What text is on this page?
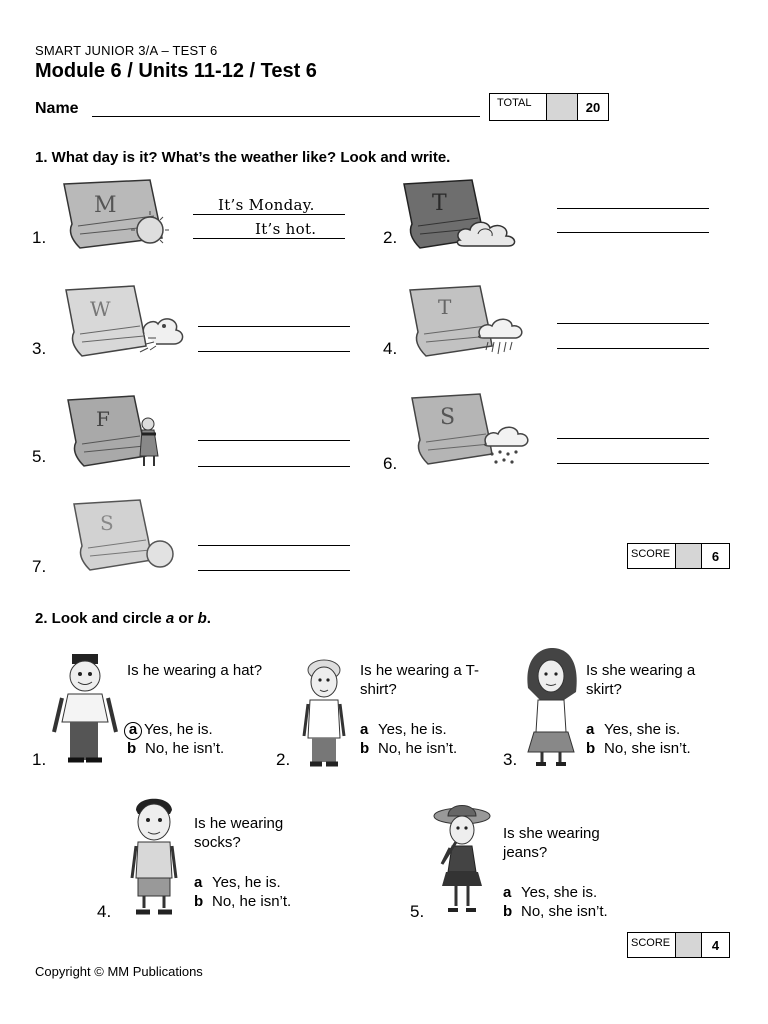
SMART JUNIOR 3/A – TEST 6
Module 6 / Units 11-12 / Test 6
Name	TOTAL	20
1. What day is it? What’s the weather like? Look and write.
1.
M	It’s Monday.
It’s hot.	2.
T
3.
W
4.
T
5.
F
6.
S
7.
S
SCORE	6
2. Look and circle a or b.
1.
Is he wearing a hat?
a Yes, he is.
b No, he isn’t.
2.
Is he wearing a T-shirt?
a Yes, he is.
b No, he isn’t.
3.
Is she wearing a skirt?
a Yes, she is.
b No, she isn’t.
4.
Is he wearing socks?
a Yes, he is.
b No, he isn’t.
5.
Is she wearing jeans?
a Yes, she is.
b No, she isn’t.
SCORE	4
Copyright © MM Publications
